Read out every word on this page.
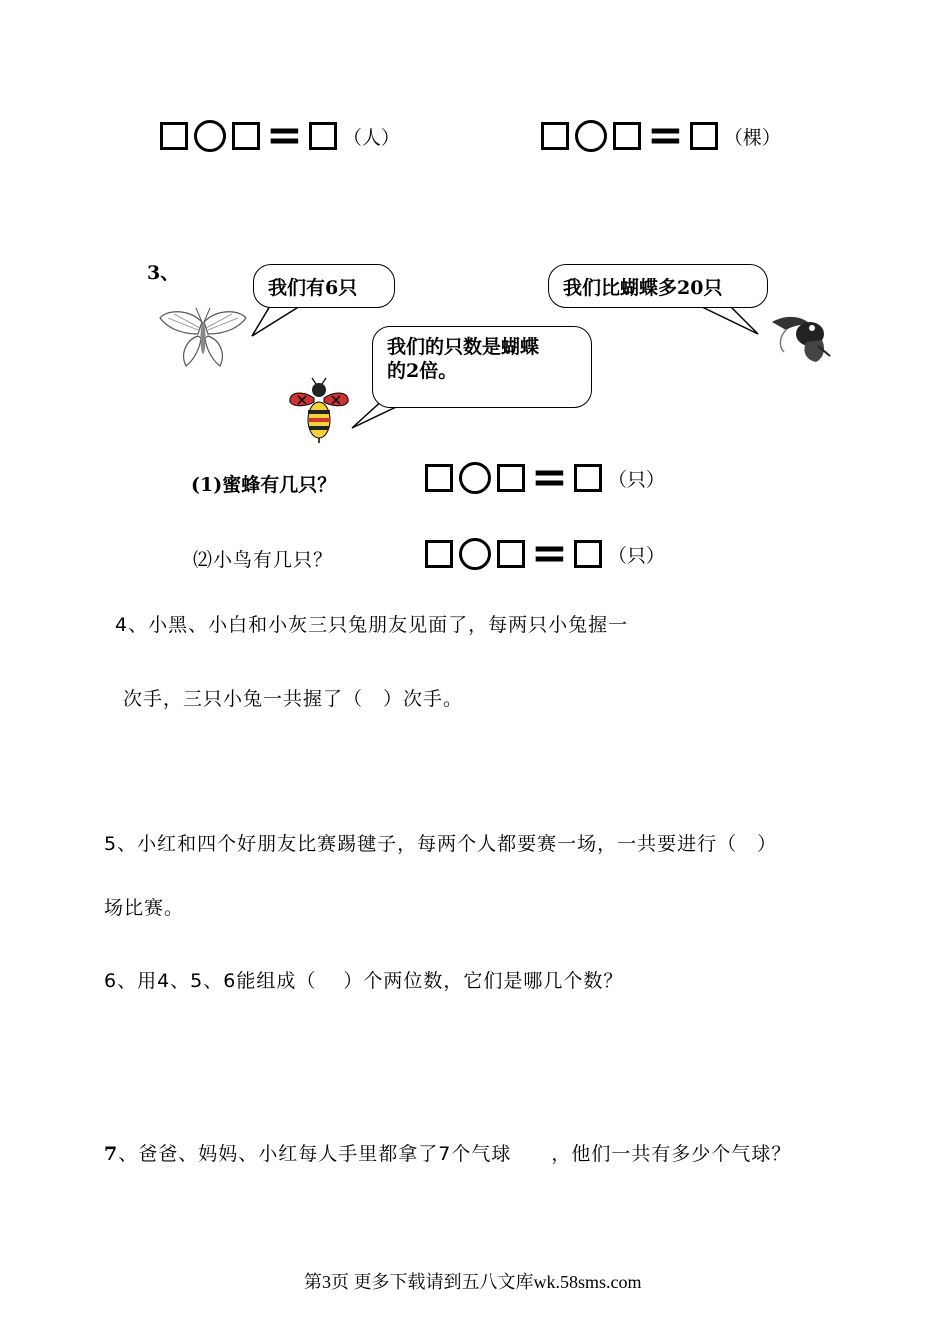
= （人）	= （棵）
3、
我们有6只	我们比蝴蝶多20只
我们的只数是蝴蝶
的2倍。
(1)蜜蜂有几只？	= （只）
⑵小鸟有几只？	= （只）
4、小黑、小白和小灰三只兔朋友见面了，每两只小兔握一
次手，三只小兔一共握了（　）次手。
5、小红和四个好朋友比赛踢毽子，每两个人都要赛一场，一共要进行（　）
场比赛。
6、用4、5、6能组成（　 ）个两位数，它们是哪几个数？
7、爸爸、妈妈、小红每人手里都拿了7个气球 ，他们一共有多少个气球？
第3页 更多下载请到五八文库wk.58sms.com
